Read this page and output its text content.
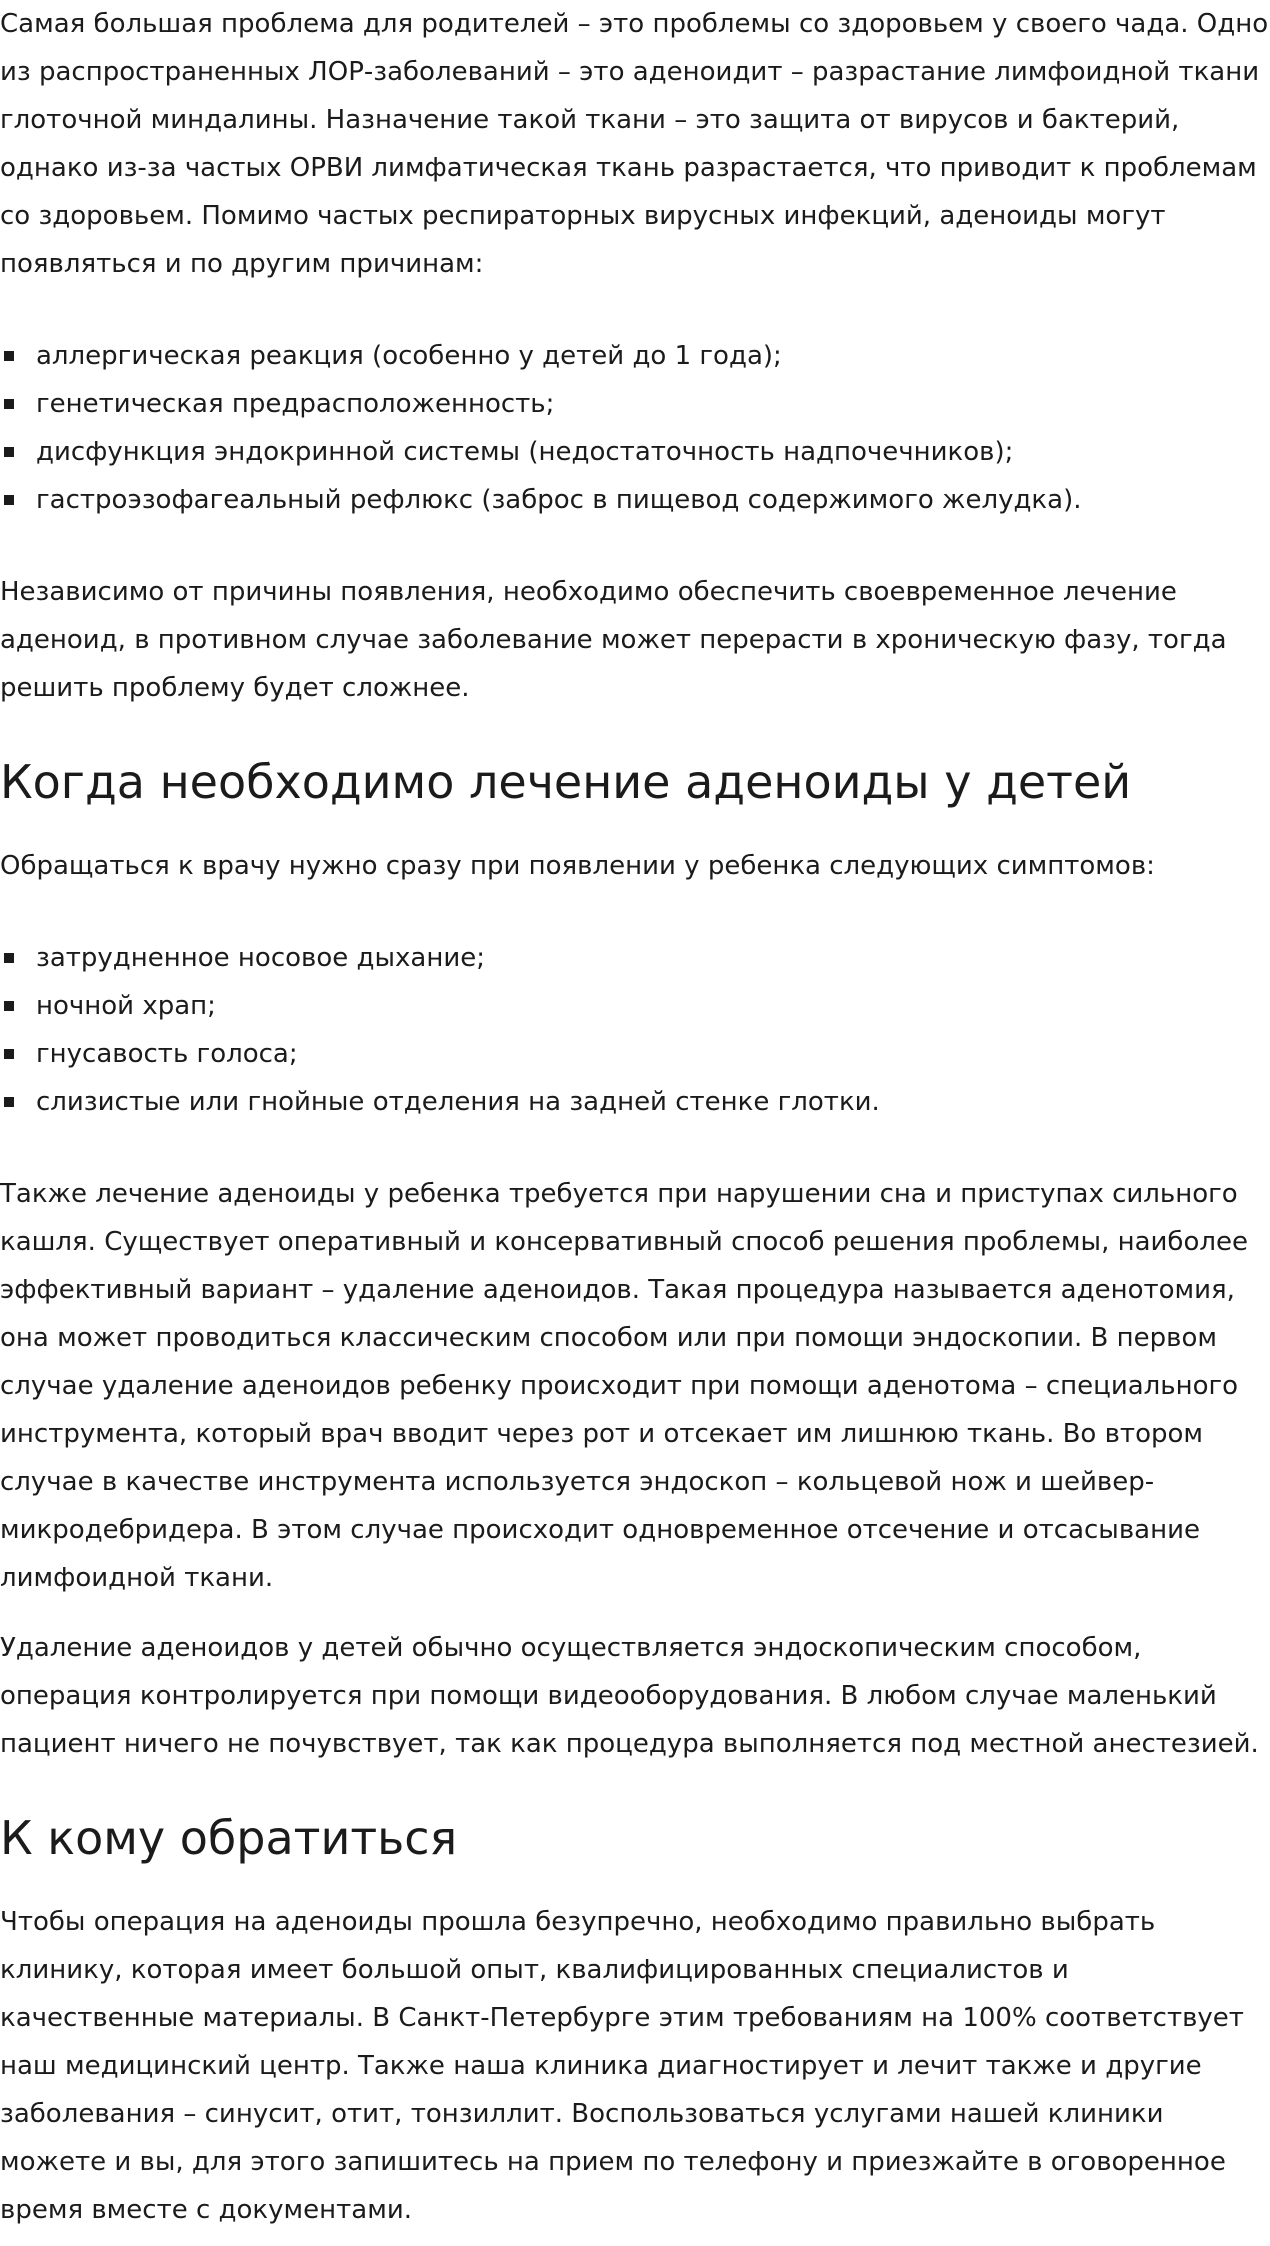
Самая большая проблема для родителей – это проблемы со здоровьем у своего чада. Одно из распространенных ЛОР-заболеваний – это аденоидит – разрастание лимфоидной ткани глоточной миндалины. Назначение такой ткани – это защита от вирусов и бактерий, однако из-за частых ОРВИ лимфатическая ткань разрастается, что приводит к проблемам со здоровьем. Помимо частых респираторных вирусных инфекций, аденоиды могут появляться и по другим причинам:

аллергическая реакция (особенно у детей до 1 года);
генетическая предрасположенность;
дисфункция эндокринной системы (недостаточность надпочечников);
гастроэзофагеальный рефлюкс (заброс в пищевод содержимого желудка).

Независимо от причины появления, необходимо обеспечить своевременное лечение аденоид, в противном случае заболевание может перерасти в хроническую фазу, тогда решить проблему будет сложнее.

Когда необходимо лечение аденоиды у детей

Обращаться к врачу нужно сразу при появлении у ребенка следующих симптомов:

затрудненное носовое дыхание;
ночной храп;
гнусавость голоса;
слизистые или гнойные отделения на задней стенке глотки.

Также лечение аденоиды у ребенка требуется при нарушении сна и приступах сильного кашля. Существует оперативный и консервативный способ решения проблемы, наиболее эффективный вариант – удаление аденоидов. Такая процедура называется аденотомия, она может проводиться классическим способом или при помощи эндоскопии. В первом случае удаление аденоидов ребенку происходит при помощи аденотома – специального инструмента, который врач вводит через рот и отсекает им лишнюю ткань. Во втором случае в качестве инструмента используется эндоскоп – кольцевой нож и шейвер-микродебридера. В этом случае происходит одновременное отсечение и отсасывание лимфоидной ткани.

Удаление аденоидов у детей обычно осуществляется эндоскопическим способом, операция контролируется при помощи видеооборудования. В любом случае маленький пациент ничего не почувствует, так как процедура выполняется под местной анестезией.

К кому обратиться

Чтобы операция на аденоиды прошла безупречно, необходимо правильно выбрать клинику, которая имеет большой опыт, квалифицированных специалистов и качественные материалы. В Санкт-Петербурге этим требованиям на 100% соответствует наш медицинский центр. Также наша клиника диагностирует и лечит также и другие заболевания – синусит, отит, тонзиллит. Воспользоваться услугами нашей клиники можете и вы, для этого запишитесь на прием по телефону и приезжайте в оговоренное время вместе с документами.
